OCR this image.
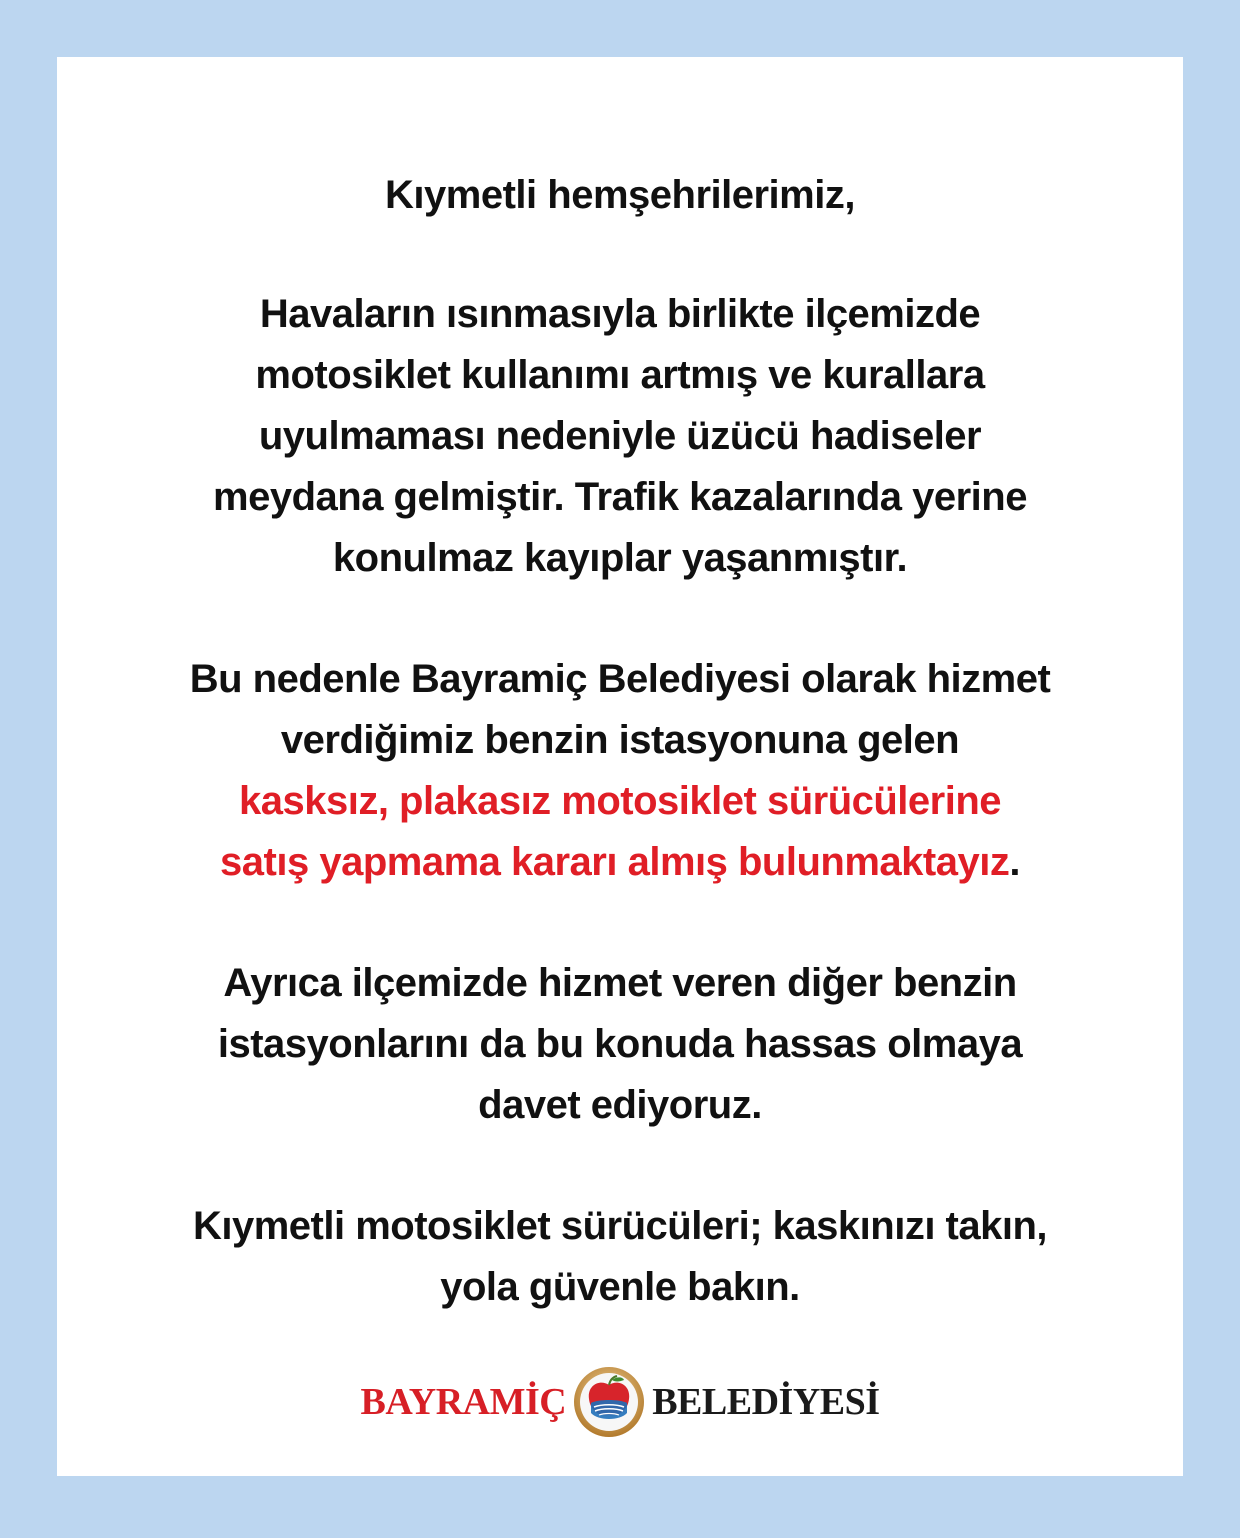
Kıymetli hemşehrilerimiz,

Havaların ısınmasıyla birlikte ilçemizde
motosiklet kullanımı artmış ve kurallara
uyulmaması nedeniyle üzücü hadiseler
meydana gelmiştir. Trafik kazalarında yerine
konulmaz kayıplar yaşanmıştır.

Bu nedenle Bayramiç Belediyesi olarak hizmet
verdiğimiz benzin istasyonuna gelen
kasksız, plakasız motosiklet sürücülerine
satış yapmama kararı almış bulunmaktayız.

Ayrıca ilçemizde hizmet veren diğer benzin
istasyonlarını da bu konuda hassas olmaya
davet ediyoruz.

Kıymetli motosiklet sürücüleri; kaskınızı takın,
yola güvenle bakın.

BAYRAMİÇ BELEDİYESİ
